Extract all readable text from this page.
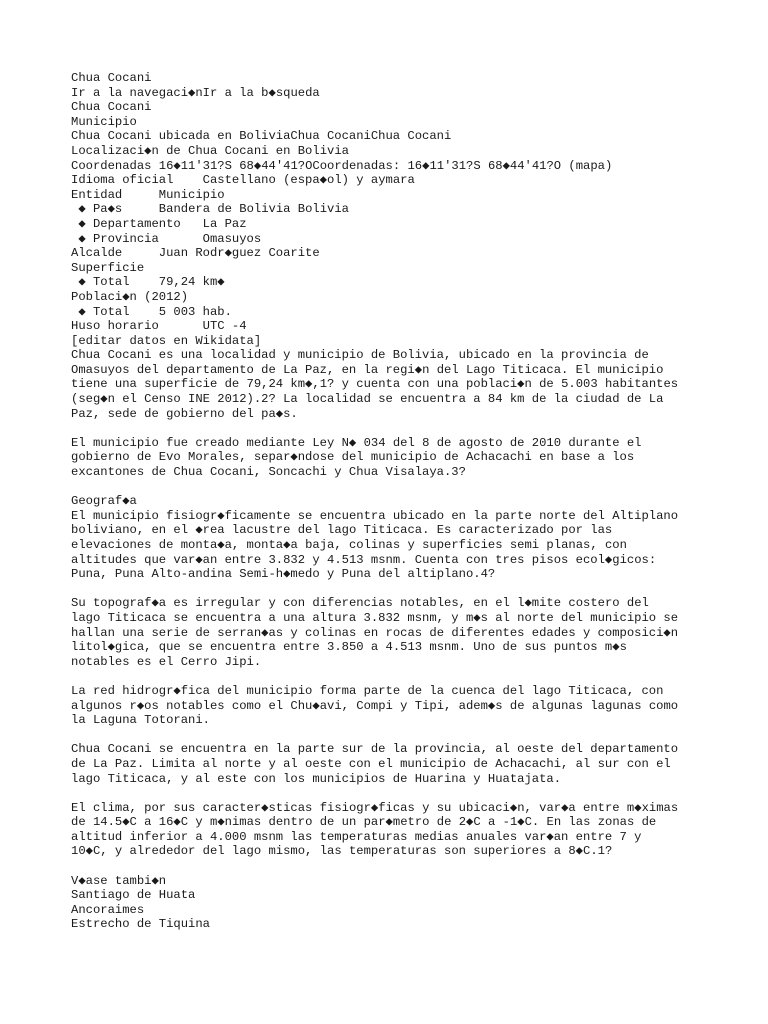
Chua Cocani
Ir a la navegaci◆nIr a la b◆squeda
Chua Cocani
Municipio
Chua Cocani ubicada en BoliviaChua CocaniChua Cocani
Localizaci◆n de Chua Cocani en Bolivia
Coordenadas 16◆11'31?S 68◆44'41?OCoordenadas: 16◆11'31?S 68◆44'41?O (mapa)
Idioma oficial    Castellano (espa◆ol) y aymara
Entidad     Municipio
◆ Pa◆s     Bandera de Bolivia Bolivia
◆ Departamento   La Paz
◆ Provincia      Omasuyos
Alcalde     Juan Rodr◆guez Coarite
Superficie
◆ Total    79,24 km◆
Poblaci◆n (2012)
◆ Total    5 003 hab.
Huso horario      UTC -4
[editar datos en Wikidata]
Chua Cocani es una localidad y municipio de Bolivia, ubicado en la provincia de
Omasuyos del departamento de La Paz, en la regi◆n del Lago Titicaca. El municipio
tiene una superficie de 79,24 km◆,1? y cuenta con una poblaci◆n de 5.003 habitantes
(seg◆n el Censo INE 2012).2? La localidad se encuentra a 84 km de la ciudad de La
Paz, sede de gobierno del pa◆s.
El municipio fue creado mediante Ley N◆ 034 del 8 de agosto de 2010 durante el
gobierno de Evo Morales, separ◆ndose del municipio de Achacachi en base a los
excantones de Chua Cocani, Soncachi y Chua Visalaya.3?
Geograf◆a
El municipio fisiogr◆ficamente se encuentra ubicado en la parte norte del Altiplano
boliviano, en el ◆rea lacustre del lago Titicaca. Es caracterizado por las
elevaciones de monta◆a, monta◆a baja, colinas y superficies semi planas, con
altitudes que var◆an entre 3.832 y 4.513 msnm. Cuenta con tres pisos ecol◆gicos:
Puna, Puna Alto-andina Semi-h◆medo y Puna del altiplano.4?
Su topograf◆a es irregular y con diferencias notables, en el l◆mite costero del
lago Titicaca se encuentra a una altura 3.832 msnm, y m◆s al norte del municipio se
hallan una serie de serran◆as y colinas en rocas de diferentes edades y composici◆n
litol◆gica, que se encuentra entre 3.850 a 4.513 msnm. Uno de sus puntos m◆s
notables es el Cerro Jipi.
La red hidrogr◆fica del municipio forma parte de la cuenca del lago Titicaca, con
algunos r◆os notables como el Chu◆avi, Compi y Tipi, adem◆s de algunas lagunas como
la Laguna Totorani.
Chua Cocani se encuentra en la parte sur de la provincia, al oeste del departamento
de La Paz. Limita al norte y al oeste con el municipio de Achacachi, al sur con el
lago Titicaca, y al este con los municipios de Huarina y Huatajata.
El clima, por sus caracter◆sticas fisiogr◆ficas y su ubicaci◆n, var◆a entre m◆ximas
de 14.5◆C a 16◆C y m◆nimas dentro de un par◆metro de 2◆C a -1◆C. En las zonas de
altitud inferior a 4.000 msnm las temperaturas medias anuales var◆an entre 7 y
10◆C, y alrededor del lago mismo, las temperaturas son superiores a 8◆C.1?
V◆ase tambi◆n
Santiago de Huata
Ancoraimes
Estrecho de Tiquina
